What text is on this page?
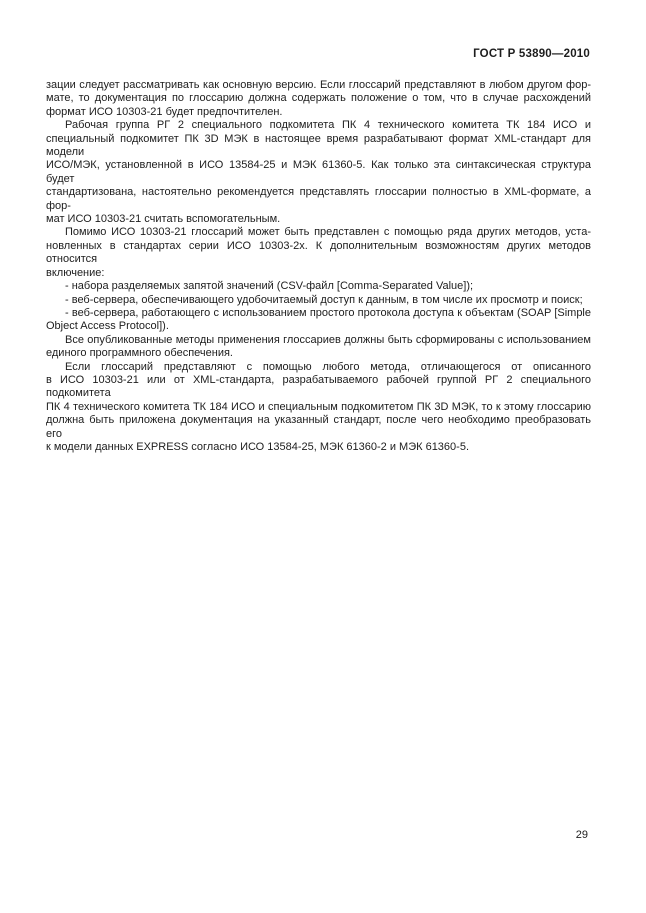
ГОСТ Р 53890—2010
зации следует рассматривать как основную версию. Если глоссарий представляют в любом другом фор-
мате, то документация по глоссарию должна содержать положение о том, что в случае расхождений
формат ИСО 10303-21 будет предпочтителен.
Рабочая группа РГ 2 специального подкомитета ПК 4 технического комитета ТК 184 ИСО и
специальный подкомитет ПК 3D МЭК в настоящее время разрабатывают формат XML-стандарт для модели
ИСО/МЭК, установленной в ИСО 13584-25 и МЭК 61360-5. Как только эта синтаксическая структура будет
стандартизована, настоятельно рекомендуется представлять глоссарии полностью в XML-формате, а фор-
мат ИСО 10303-21 считать вспомогательным.
Помимо ИСО 10303-21 глоссарий может быть представлен с помощью ряда других методов, уста-
новленных в стандартах серии ИСО 10303-2x. К дополнительным возможностям других методов относится
включение:
- набора разделяемых запятой значений (CSV-файл [Comma-Separated Value]);
- веб-сервера, обеспечивающего удобочитаемый доступ к данным, в том числе их просмотр и поиск;
- веб-сервера, работающего с использованием простого протокола доступа к объектам (SOAP [Simple
Object Access Protocol]).
Все опубликованные методы применения глоссариев должны быть сформированы с использованием
единого программного обеспечения.
Если глоссарий представляют с помощью любого метода, отличающегося от описанного
в ИСО 10303-21 или от XML-стандарта, разрабатываемого рабочей группой РГ 2 специального подкомитета
ПК 4 технического комитета ТК 184 ИСО и специальным подкомитетом ПК 3D МЭК, то к этому глоссарию
должна быть приложена документация на указанный стандарт, после чего необходимо преобразовать его
к модели данных EXPRESS согласно ИСО 13584-25, МЭК 61360-2 и МЭК 61360-5.
29
